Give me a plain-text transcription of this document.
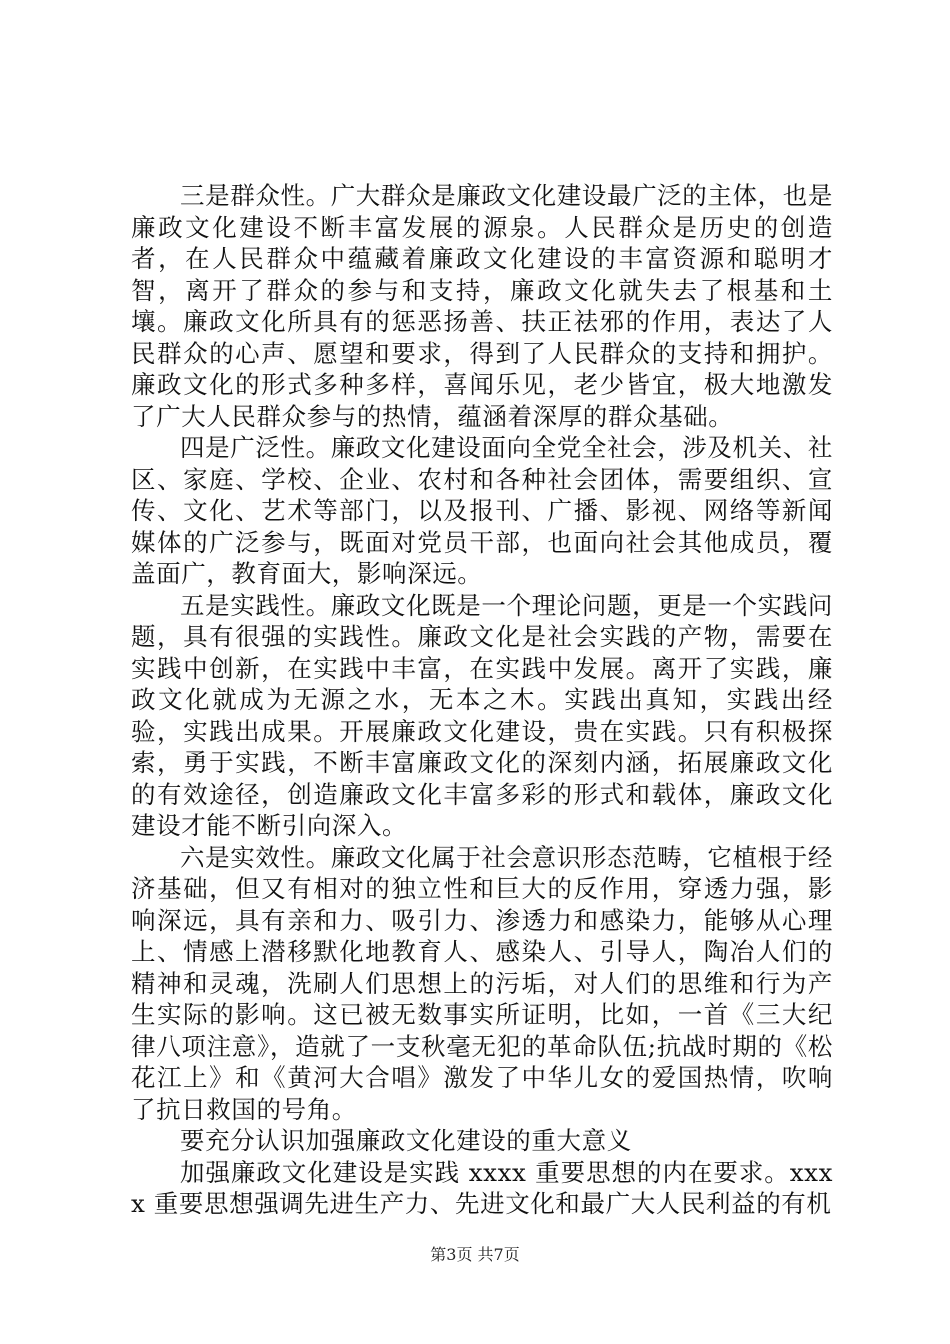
三是群众性。广大群众是廉政文化建设最广泛的主体，也是廉政文化建设不断丰富发展的源泉。人民群众是历史的创造者，在人民群众中蕴藏着廉政文化建设的丰富资源和聪明才智，离开了群众的参与和支持，廉政文化就失去了根基和土壤。廉政文化所具有的惩恶扬善、扶正祛邪的作用，表达了人民群众的心声、愿望和要求，得到了人民群众的支持和拥护。廉政文化的形式多种多样，喜闻乐见，老少皆宜，极大地激发了广大人民群众参与的热情，蕴涵着深厚的群众基础。

四是广泛性。廉政文化建设面向全党全社会，涉及机关、社区、家庭、学校、企业、农村和各种社会团体，需要组织、宣传、文化、艺术等部门，以及报刊、广播、影视、网络等新闻媒体的广泛参与，既面对党员干部，也面向社会其他成员，覆盖面广，教育面大，影响深远。

五是实践性。廉政文化既是一个理论问题，更是一个实践问题，具有很强的实践性。廉政文化是社会实践的产物，需要在实践中创新，在实践中丰富，在实践中发展。离开了实践，廉政文化就成为无源之水，无本之木。实践出真知，实践出经验，实践出成果。开展廉政文化建设，贵在实践。只有积极探索，勇于实践，不断丰富廉政文化的深刻内涵，拓展廉政文化的有效途径，创造廉政文化丰富多彩的形式和载体，廉政文化建设才能不断引向深入。

六是实效性。廉政文化属于社会意识形态范畴，它植根于经济基础，但又有相对的独立性和巨大的反作用，穿透力强，影响深远，具有亲和力、吸引力、渗透力和感染力，能够从心理上、情感上潜移默化地教育人、感染人、引导人，陶冶人们的精神和灵魂，洗刷人们思想上的污垢，对人们的思维和行为产生实际的影响。这已被无数事实所证明，比如，一首《三大纪律八项注意》，造就了一支秋毫无犯的革命队伍;抗战时期的《松花江上》和《黄河大合唱》激发了中华儿女的爱国热情，吹响了抗日救国的号角。

要充分认识加强廉政文化建设的重大意义

加强廉政文化建设是实践 xxxx 重要思想的内在要求。xxxx 重要思想强调先进生产力、先进文化和最广大人民利益的有机

第3页 共7页
